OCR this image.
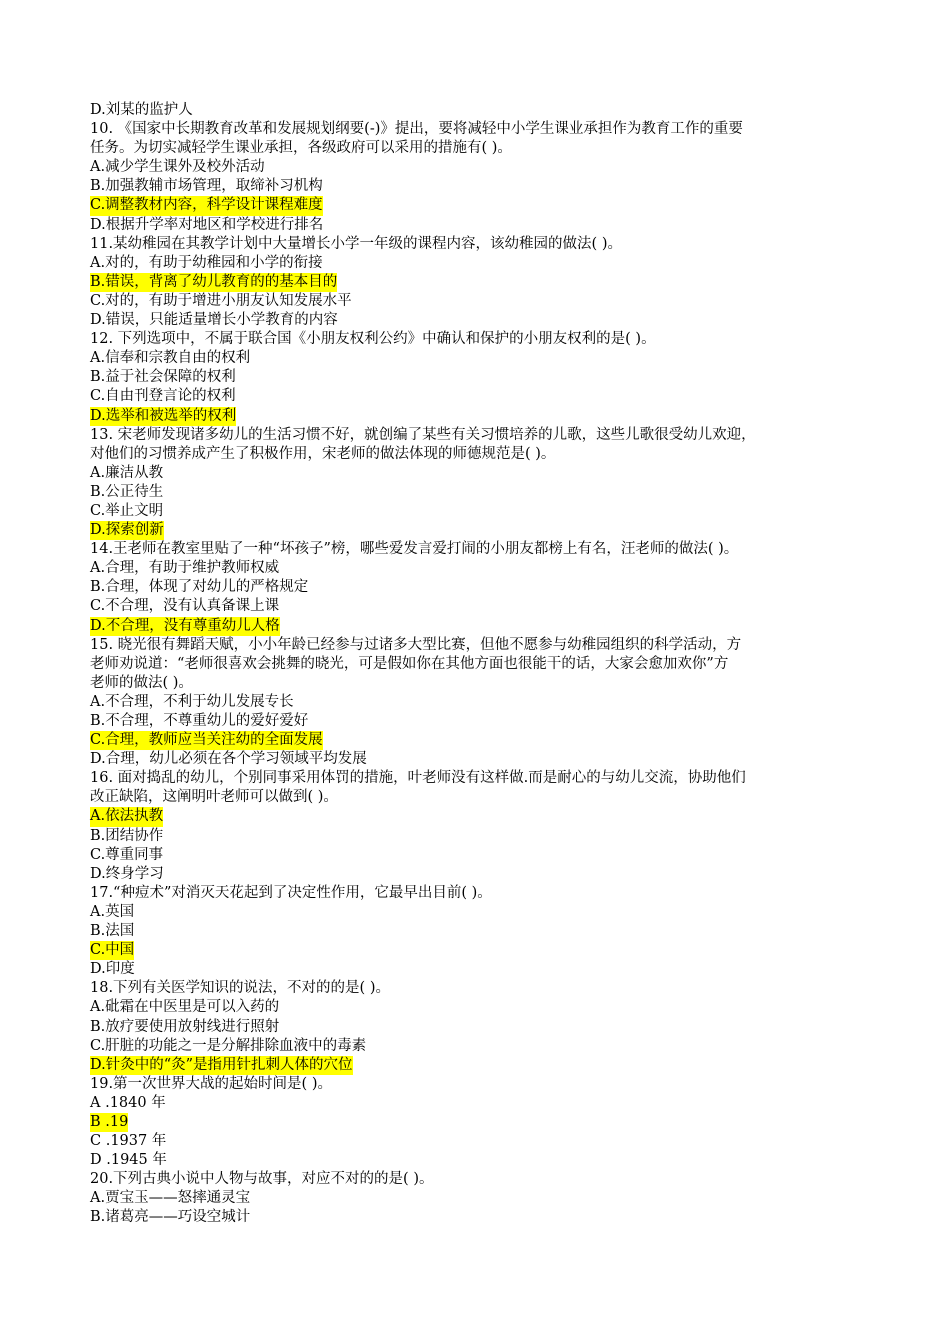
D.刘某的监护人
10. 《国家中长期教育改革和发展规划纲要(-)》提出，要将减轻中小学生课业承担作为教育工作的重要
任务。为切实减轻学生课业承担，各级政府可以采用的措施有( )。
A.减少学生课外及校外活动
B.加强教辅市场管理，取缔补习机构
C.调整教材内容，科学设计课程难度
D.根据升学率对地区和学校进行排名
11.某幼稚园在其教学计划中大量增长小学一年级的课程内容，该幼稚园的做法( )。
A.对的，有助于幼稚园和小学的衔接
B.错误，背离了幼儿教育的的基本目的
C.对的，有助于增进小朋友认知发展水平
D.错误，只能适量增长小学教育的内容
12. 下列选项中，不属于联合国《小朋友权利公约》中确认和保护的小朋友权利的是( )。
A.信奉和宗教自由的权利
B.益于社会保障的权利
C.自由刊登言论的权利
D.选举和被选举的权利
13. 宋老师发现诸多幼儿的生活习惯不好，就创编了某些有关习惯培养的儿歌，这些儿歌很受幼儿欢迎，
对他们的习惯养成产生了积极作用，宋老师的做法体现的师德规范是( )。
A.廉洁从教
B.公正待生
C.举止文明
D.探索创新
14.王老师在教室里贴了一种“坏孩子”榜，哪些爱发言爱打闹的小朋友都榜上有名，汪老师的做法( )。
A.合理，有助于维护教师权威
B.合理，体现了对幼儿的严格规定
C.不合理，没有认真备课上课
D.不合理，没有尊重幼儿人格
15. 晓光很有舞蹈天赋，小小年龄已经参与过诸多大型比赛，但他不愿参与幼稚园组织的科学活动，方
老师劝说道：“老师很喜欢会挑舞的晓光，可是假如你在其他方面也很能干的话，大家会愈加欢你”方
老师的做法( )。
A.不合理，不利于幼儿发展专长
B.不合理，不尊重幼儿的爱好爱好
C.合理，教师应当关注幼的全面发展
D.合理，幼儿必须在各个学习领域平均发展
16. 面对捣乱的幼儿，个别同事采用体罚的措施，叶老师没有这样做.而是耐心的与幼儿交流，协助他们
改正缺陷，这阐明叶老师可以做到( )。
A.依法执教
B.团结协作
C.尊重同事
D.终身学习
17.“种痘术”对消灭天花起到了决定性作用，它最早出目前( )。
A.英国
B.法国
C.中国
D.印度
18.下列有关医学知识的说法，不对的的是( )。
A.砒霜在中医里是可以入药的
B.放疗要使用放射线进行照射
C.肝脏的功能之一是分解排除血液中的毒素
D.针灸中的“灸”是指用针扎刺人体的穴位
19.第一次世界大战的起始时间是( )。
A .1840 年
B .19
C .1937 年
D .1945 年
20.下列古典小说中人物与故事，对应不对的的是( )。
A.贾宝玉——怒摔通灵宝
B.诸葛亮——巧设空城计
